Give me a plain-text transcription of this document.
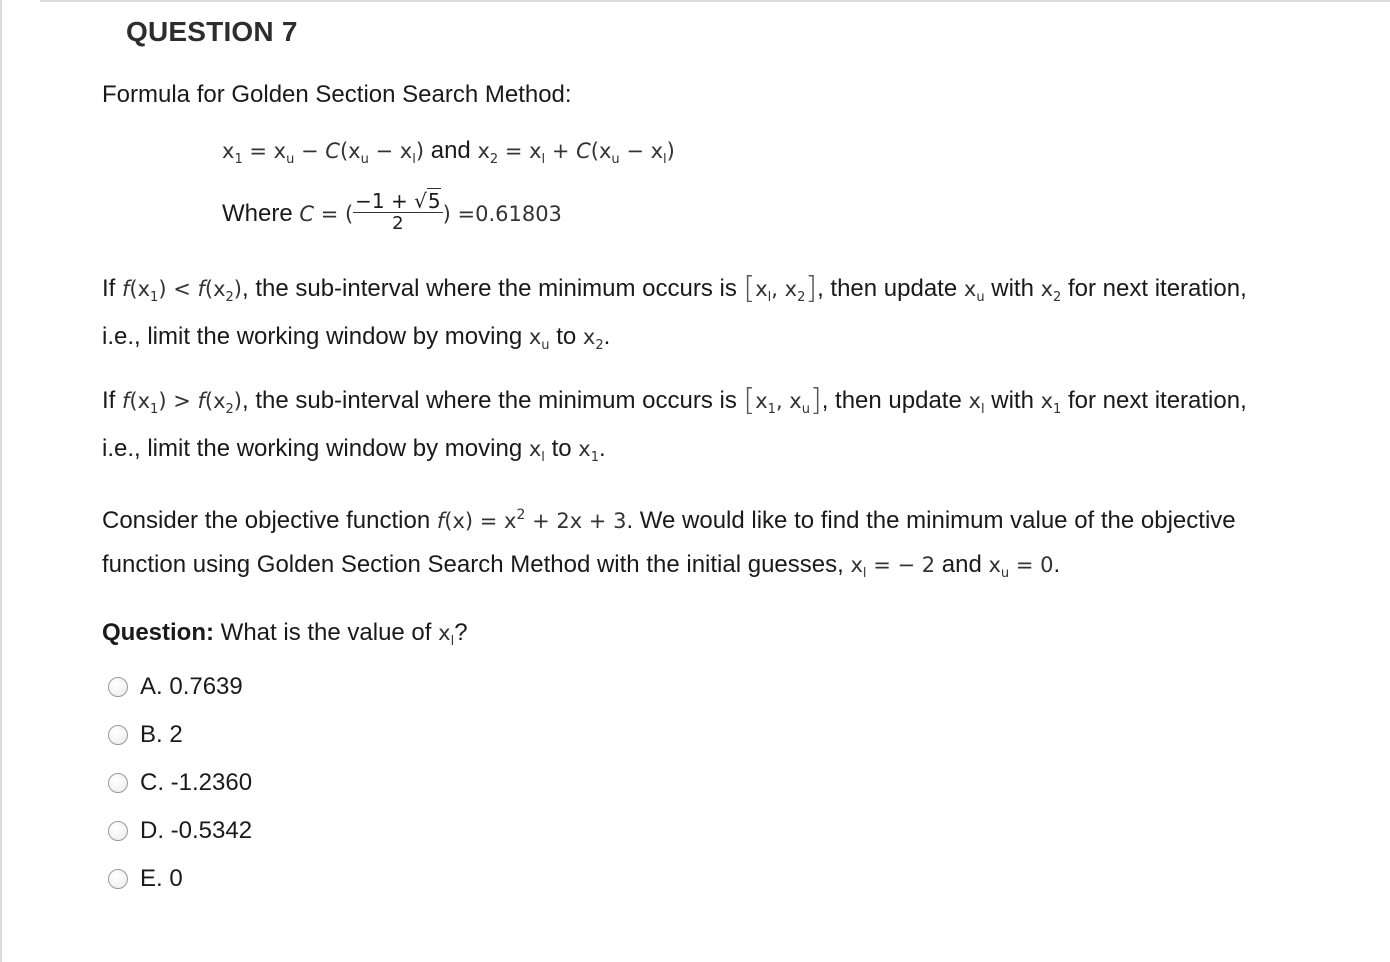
QUESTION 7
Formula for Golden Section Search Method:
$x_1 = x_u - C(x_u - x_l)$ and $x_2 = x_l + C(x_u - x_l)$
Where C = ( $\frac{-1 + √5}{2}$ ) =0.61803
If $f(x_1) < f(x_2)$, the sub-interval where the minimum occurs is [$x_l$, $x_2$], then update $x_u$ with $x_2$ for next iteration,
i.e., limit the working window by moving $x_u$ to $x_2$.
If $f(x_1) > f(x_2)$, the sub-interval where the minimum occurs is [$x_1$, $x_u$], then update $x_l$ with $x_1$ for next iteration,
i.e., limit the working window by moving $x_l$ to $x_1$.
Consider the objective function $f(x) = x^2 + 2x + 3$. We would like to find the minimum value of the objective
function using Golden Section Search Method with the initial guesses, $x_l$ = − 2 and $x_u = 0$.
Question: What is the value of $x_l$?
A. 0.7639
B. 2
C. -1.2360
D. -0.5342
E. 0
